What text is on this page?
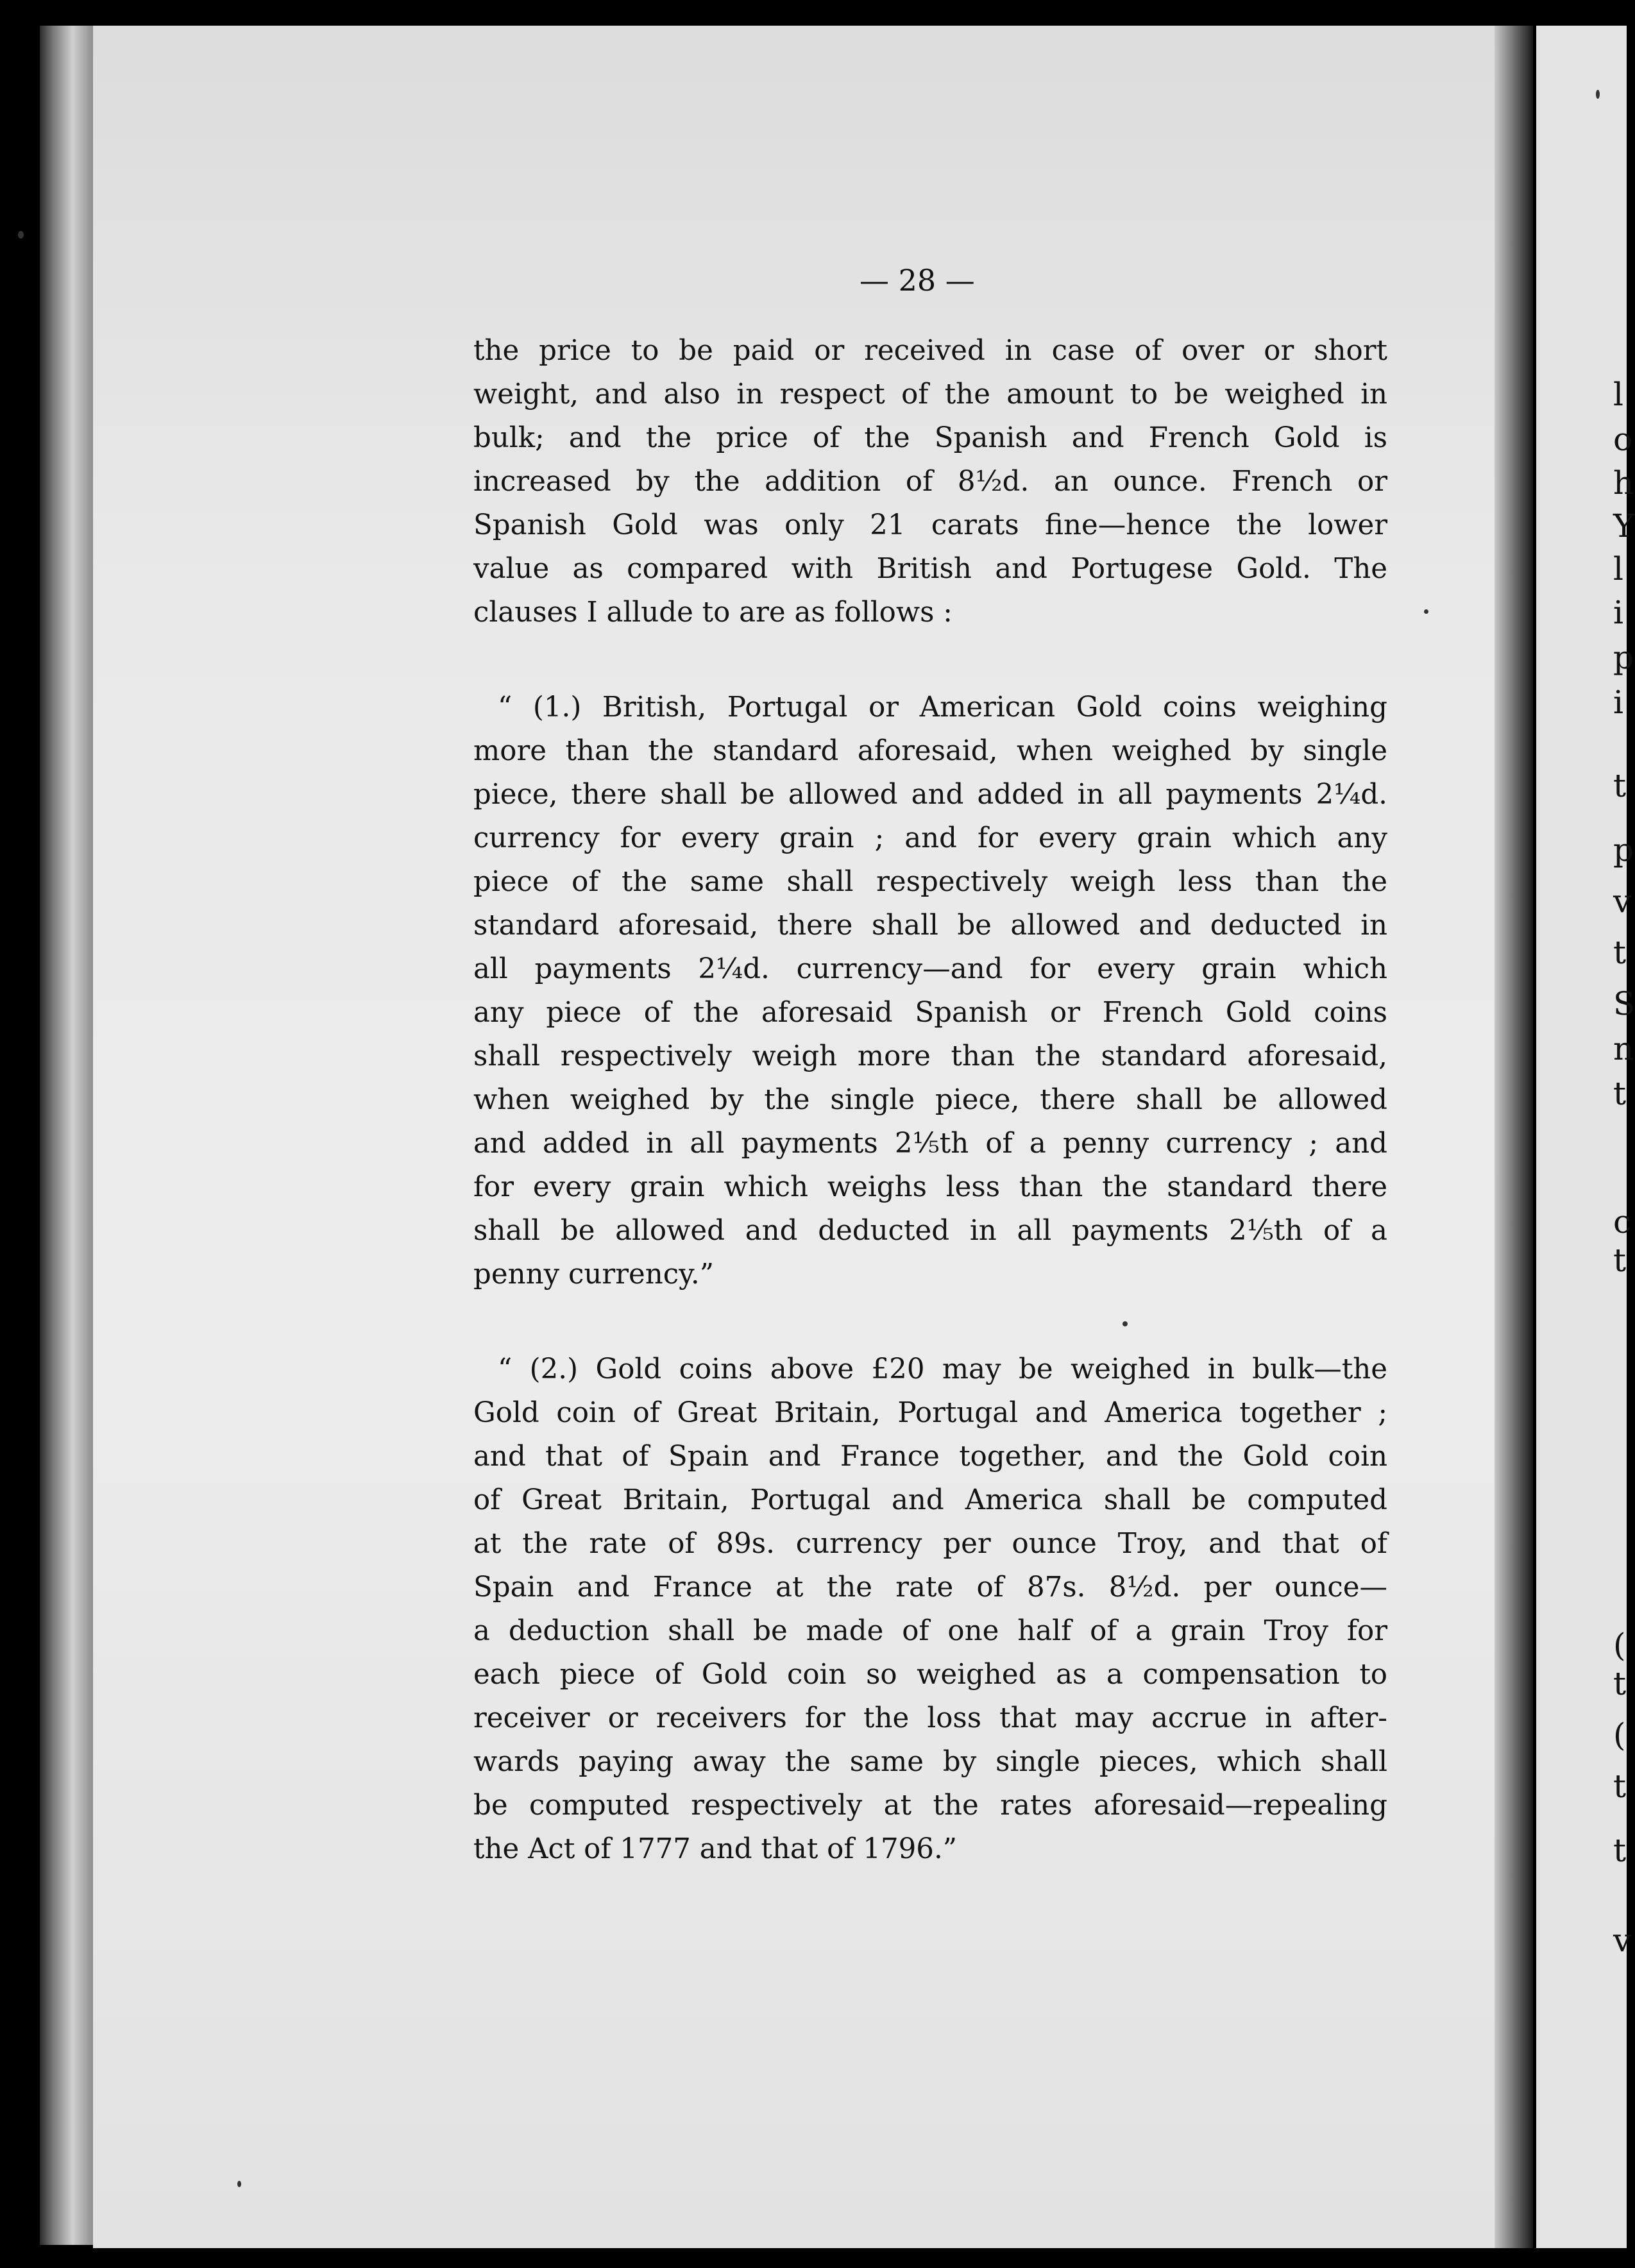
— 28 —
the price to be paid or received in case of over or short
weight, and also in respect of the amount to be weighed in
bulk; and the price of the Spanish and French Gold is
increased by the addition of 8½d. an ounce. French or
Spanish Gold was only 21 carats fine—hence the lower
value as compared with British and Portugese Gold. The
clauses I allude to are as follows :
“ (1.) British, Portugal or American Gold coins weighing
more than the standard aforesaid, when weighed by single
piece, there shall be allowed and added in all payments 2¼d.
currency for every grain ; and for every grain which any
piece of the same shall respectively weigh less than the
standard aforesaid, there shall be allowed and deducted in
all payments 2¼d. currency—and for every grain which
any piece of the aforesaid Spanish or French Gold coins
shall respectively weigh more than the standard aforesaid,
when weighed by the single piece, there shall be allowed
and added in all payments 2⅕th of a penny currency ; and
for every grain which weighs less than the standard there
shall be allowed and deducted in all payments 2⅕th of a
penny currency.”
“ (2.) Gold coins above £20 may be weighed in bulk—the
Gold coin of Great Britain, Portugal and America together ;
and that of Spain and France together, and the Gold coin
of Great Britain, Portugal and America shall be computed
at the rate of 89s. currency per ounce Troy, and that of
Spain and France at the rate of 87s. 8½d. per ounce—
a deduction shall be made of one half of a grain Troy for
each piece of Gold coin so weighed as a compensation to
receiver or receivers for the loss that may accrue in after-
wards paying away the same by single pieces, which shall
be computed respectively at the rates aforesaid—repealing
the Act of 1777 and that of 1796.”
l
o
h
Y
l
i
p
i
t
p
v
t
S
n
t
c
t
(
t
(
t
t
v
